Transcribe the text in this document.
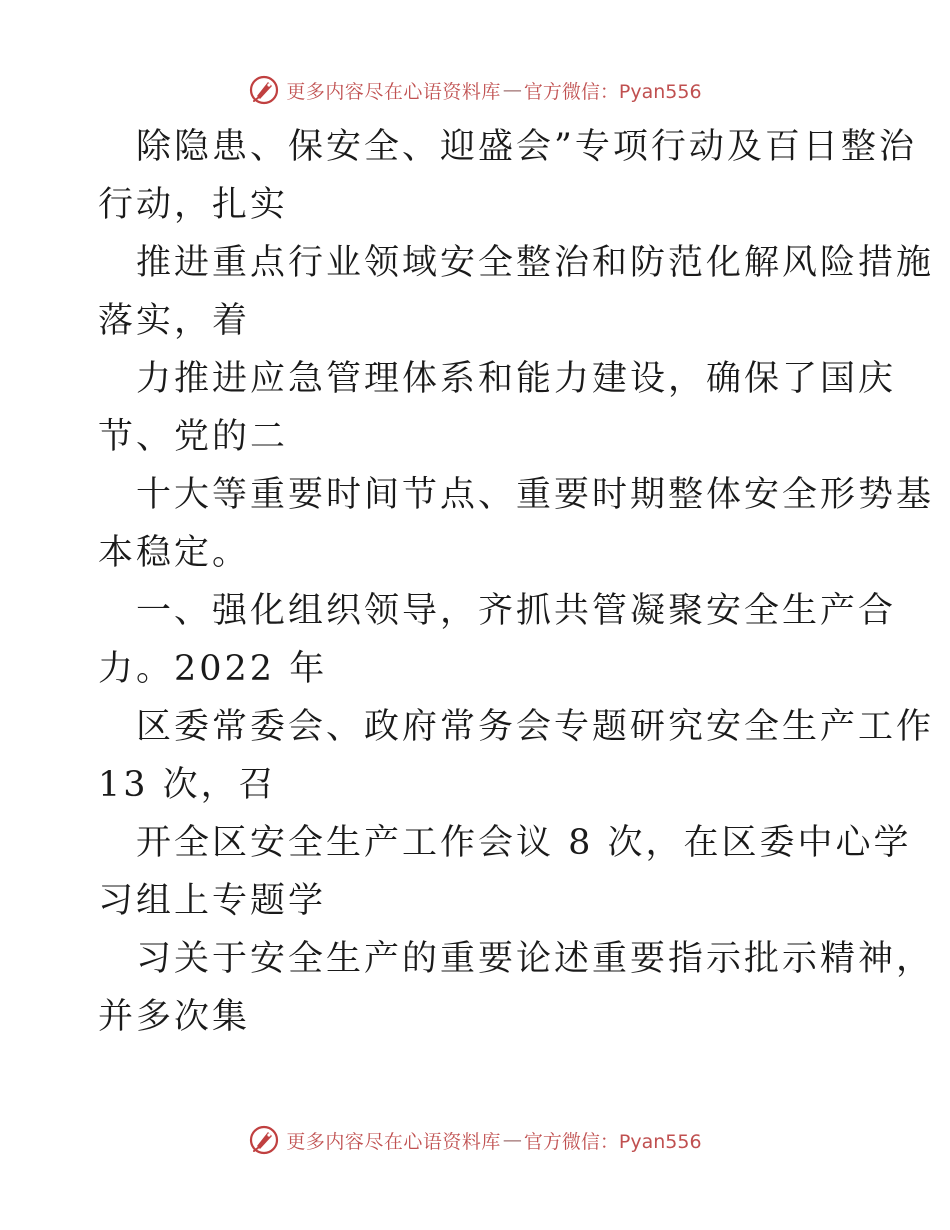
更多内容尽在心语资料库 — 官方微信：Pyan556
除隐患、保安全、迎盛会”专项行动及百日整治
行动，扎实
推进重点行业领域安全整治和防范化解风险措施
落实，着
力推进应急管理体系和能力建设，确保了国庆
节、党的二
十大等重要时间节点、重要时期整体安全形势基
本稳定。
一、强化组织领导，齐抓共管凝聚安全生产合
力。2022 年
区委常委会、政府常务会专题研究安全生产工作
13 次，召
开全区安全生产工作会议 8 次，在区委中心学
习组上专题学
习关于安全生产的重要论述重要指示批示精神，
并多次集
更多内容尽在心语资料库 — 官方微信：Pyan556
